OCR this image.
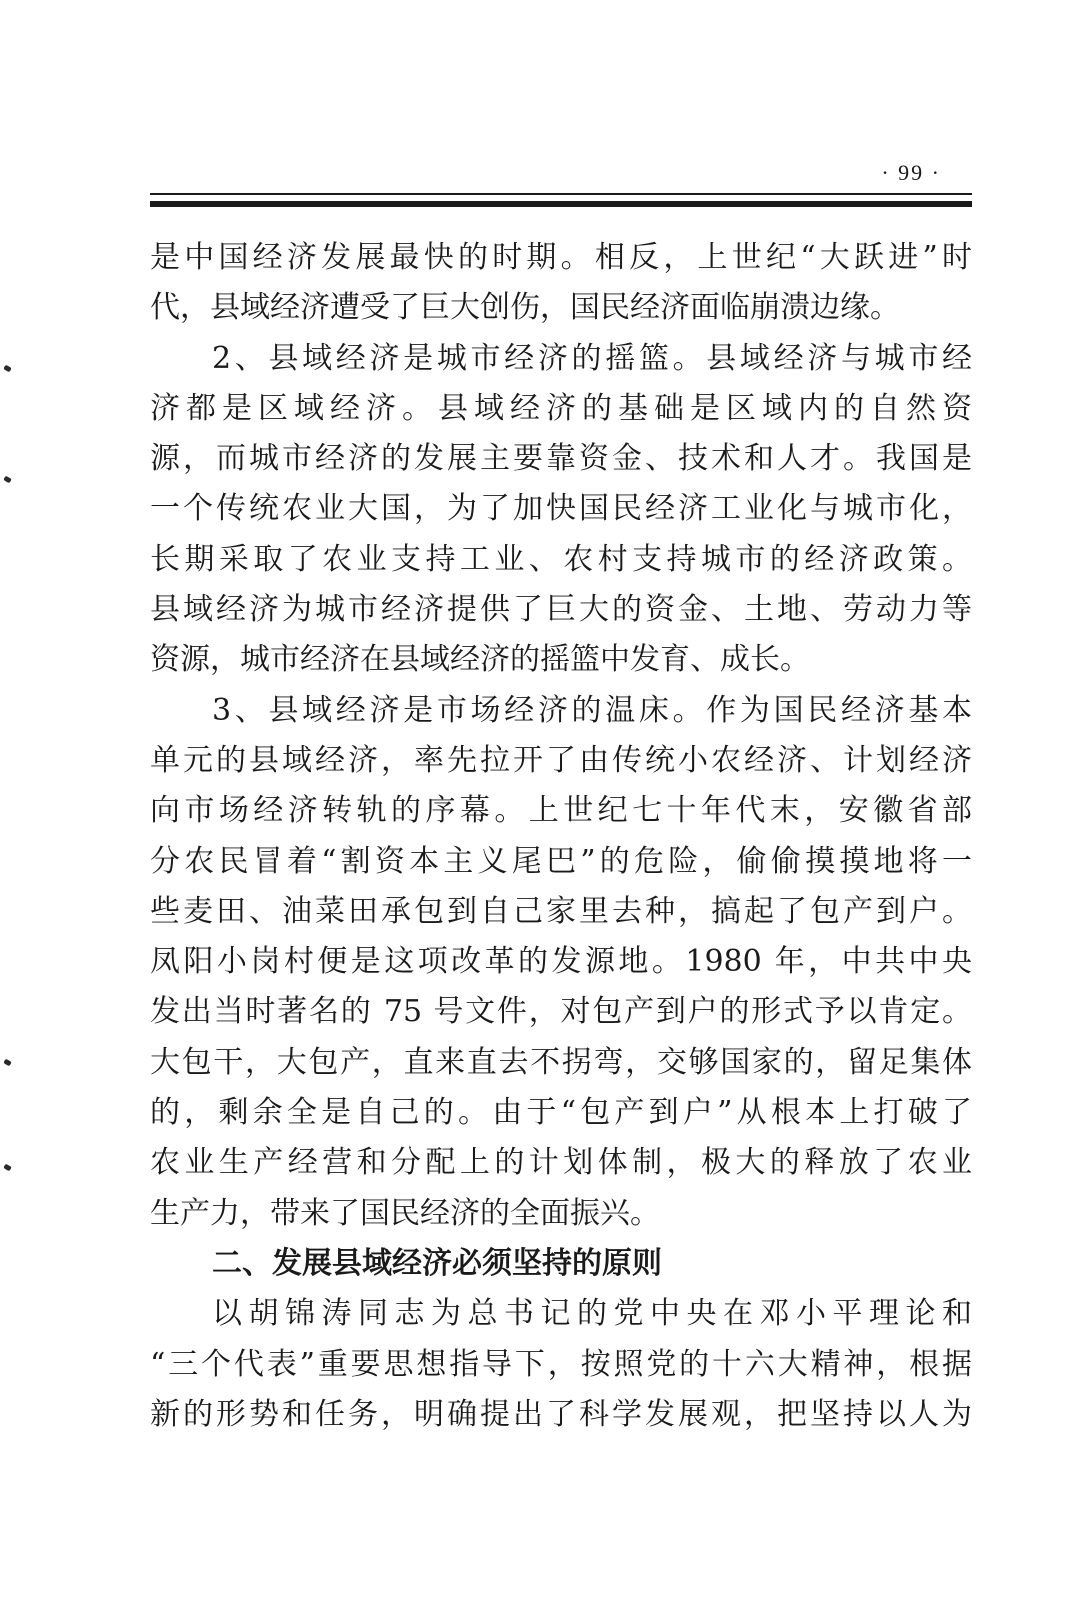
· 99 ·
是中国经济发展最快的时期。相反，上世纪“大跃进”时
代，县域经济遭受了巨大创伤，国民经济面临崩溃边缘。
2、县域经济是城市经济的摇篮。县域经济与城市经
济都是区域经济。县域经济的基础是区域内的自然资
源，而城市经济的发展主要靠资金、技术和人才。我国是
一个传统农业大国，为了加快国民经济工业化与城市化，
长期采取了农业支持工业、农村支持城市的经济政策。
县域经济为城市经济提供了巨大的资金、土地、劳动力等
资源，城市经济在县域经济的摇篮中发育、成长。
3、县域经济是市场经济的温床。作为国民经济基本
单元的县域经济，率先拉开了由传统小农经济、计划经济
向市场经济转轨的序幕。上世纪七十年代末，安徽省部
分农民冒着“割资本主义尾巴”的危险，偷偷摸摸地将一
些麦田、油菜田承包到自己家里去种，搞起了包产到户。
凤阳小岗村便是这项改革的发源地。1980 年，中共中央
发出当时著名的 75 号文件，对包产到户的形式予以肯定。
大包干，大包产，直来直去不拐弯，交够国家的，留足集体
的，剩余全是自己的。由于“包产到户”从根本上打破了
农业生产经营和分配上的计划体制，极大的释放了农业
生产力，带来了国民经济的全面振兴。
二、发展县域经济必须坚持的原则
以胡锦涛同志为总书记的党中央在邓小平理论和
“三个代表”重要思想指导下，按照党的十六大精神，根据
新的形势和任务，明确提出了科学发展观，把坚持以人为
